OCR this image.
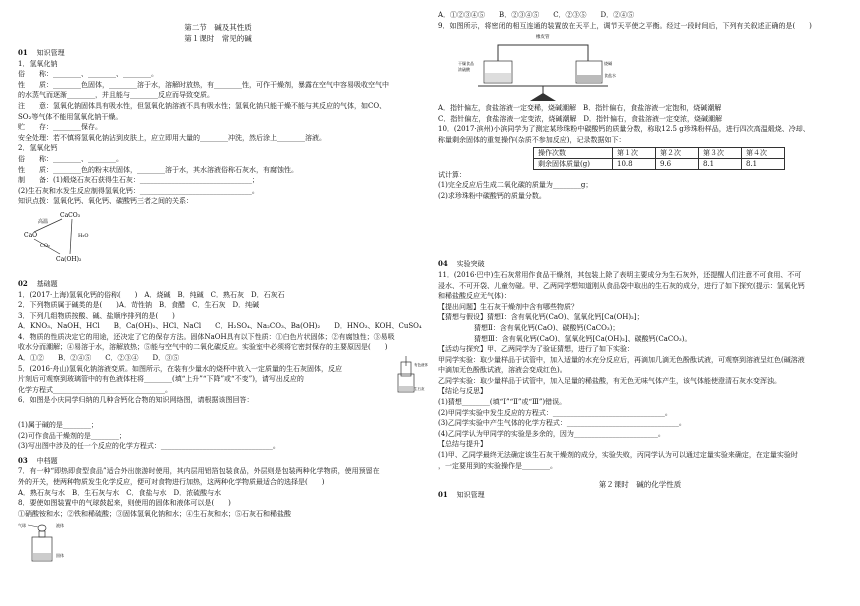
第二节　碱及其性质
第１课时　常见的碱
01 知识管理
1．氢氧化钠
俗　　称：________、________、________。
性　　质：________色固体，________溶于水，溶解时放热，有________性，可作干燥剂，暴露在空气中容易吸收空气中
的水蒸气而逐渐________，并且能与________反应而导致变质。
注　　意：氢氧化钠固体具有吸水性，但氢氧化钠溶液不具有吸水性；氢氧化钠只能干燥不能与其反应的气体，如CO、
SO₂等气体不能用氢氧化钠干燥。
贮　　存：________保存。
安全处理：若不慎将氢氧化钠沾到皮肤上，应立即用大量的________冲洗，然后涂上________溶液。
2．氢氧化钙
俗　　称：________、________。
性　　质：________色的粉末状固体，________溶于水，其水溶液俗称石灰水，有腐蚀性。
制　　备：(1)煅烧石灰石获得生石灰：________________________________；
(2)生石灰和水发生反应制得氢氧化钙：________________________________。
知识点拨：氢氧化钙、氧化钙、碳酸钙三者之间的关系：
CaCO₃
CaO
Ca(OH)₂
高温
CO₂
H₂O
02 基础题
1．(2017·上海)氢氧化钙的俗称(　　)　A．烧碱　B．纯碱　C．熟石灰　D．石灰石
2．下列物质属于碱类的是(　　)A．苛性钠　B．食醋　C．生石灰　D．纯碱
3．下列几组物质按酸、碱、盐顺序排列的是(　　)
A．KNO₃、NaOH、HCl　　B．Ca(OH)₂、HCl、NaCl　　C．H₂SO₄、Na₂CO₃、Ba(OH)₂　　D．HNO₃、KOH、CuSO₄
4．物质的性质决定它的用途，还决定了它的保存方法。固体NaOH具有以下性质：①白色片状固体；②有腐蚀性；③易吸
收水分而潮解；④易溶于水，溶解放热；⑤能与空气中的二氧化碳反应。实验室中必须将它密封保存的主要原因是(　　)
A．①②　　B．②④⑤　　C．②③④　　D．③⑤
5．(2016·舟山)氢氧化钠溶液变质。如图所示，在装有少量水的烧杯中放入一定质量的生石灰固体，反应
片刻后可观察到玻璃管中的有色液体柱将________(填“上升”“下降”或“不变”)，请写出反应的
化学方程式________________________________。
有色液体
生石灰
6．如图是小庆同学归纳的几种含钙化合物的知识网络图，请根据该图回答：
(1)属于碱的是________；
(2)可作食品干燥剂的是________；
(3)写出图中涉及的任一个反应的化学方程式：________________________________。
03 中档题
7．有一种“即热即食型食品”适合外出旅游时使用，其内层用铝箔包装食品，外层则是包装两种化学物质，使用预留在
外的开关，使两种物质发生化学反应，便可对食物进行加热，这两种化学物质最适合的选择是(　　)
A．熟石灰与水　B．生石灰与水　C．食盐与水　D．浓硫酸与水
8．要使如图装置中的气球鼓起来，则使用的固体和液体可以是(　　)
①硝酸铵和水；②铁和稀硫酸；③固体氢氧化钠和水；④生石灰和水；⑤石灰石和稀盐酸
气球	液体
固体
A．①②③④⑤　　B．②③④⑤　　C．②③⑤　　D．②④⑤
9．如图所示，将密闭的相互连通的装置放在天平上，调节天平使之平衡。经过一段时间后，下列有关叙述正确的是(　　)
橡皮管
干燥食品
浓硫酸
烧碱
食盐水
A．指针偏左，食盐溶液一定变稀，烧碱潮解　B．指针偏右，食盐溶液一定饱和，烧碱潮解
C．指针偏左，食盐溶液一定变浓，烧碱潮解　D．指针偏右，食盐溶液一定变浓，烧碱潮解
10．(2017·滨州)小滨同学为了测定某珍珠粉中碳酸钙的质量分数，称取12.5 g珍珠粉样品，进行四次高温煅烧、冷却、
称量剩余固体的重复操作(杂质不参加反应)，记录数据如下：
操作次数	第１次	第２次	第３次	第４次
剩余固体质量(g)	10.8	9.6	8.1	8.1
试计算：
(1)完全反应后生成二氧化碳的质量为________g；
(2)求珍珠粉中碳酸钙的质量分数。
04 实验突破
11．(2016·巴中)生石灰常用作食品干燥剂，其包装上除了表明主要成分为生石灰外，还提醒人们注意不可食用、不可
浸水、不可开袋、儿童勿碰。甲、乙两同学想知道刚从食品袋中取出的生石灰的成分，进行了如下探究(提示：氢氧化钙
和稀盐酸反应无气体)：
【提出问题】生石灰干燥剂中含有哪些物质？
【猜想与假设】猜想Ⅰ：含有氧化钙(CaO)、氢氧化钙[Ca(OH)₂]；
猜想Ⅱ：含有氧化钙(CaO)、碳酸钙(CaCO₃)；
猜想Ⅲ：含有氧化钙(CaO)、氢氧化钙[Ca(OH)₂]、碳酸钙(CaCO₃)。
【活动与探究】甲、乙两同学为了验证猜想，进行了如下实验：
甲同学实验：取少量样品于试管中，加入适量的水充分反应后，再滴加几滴无色酚酞试液，可观察到溶液呈红色(碱溶液
中滴加无色酚酞试液，溶液会变成红色)。
乙同学实验：取少量样品于试管中，加入足量的稀盐酸，有无色无味气体产生，该气体能使澄清石灰水变浑浊。
【结论与反思】
(1)猜想________(填“Ⅰ”“Ⅱ”或“Ⅲ”)错误。
(2)甲同学实验中发生反应的方程式：________________________________。
(3)乙同学实验中产生气体的化学方程式：________________________________。
(4)乙同学认为甲同学的实验是多余的，因为________________________。
【总结与提升】
(1)甲、乙同学最终无法确定该生石灰干燥剂的成分，实验失败，丙同学认为可以通过定量实验来确定，在定量实验时
，一定要用到的实验操作是________。
第２课时　碱的化学性质
01 知识管理
